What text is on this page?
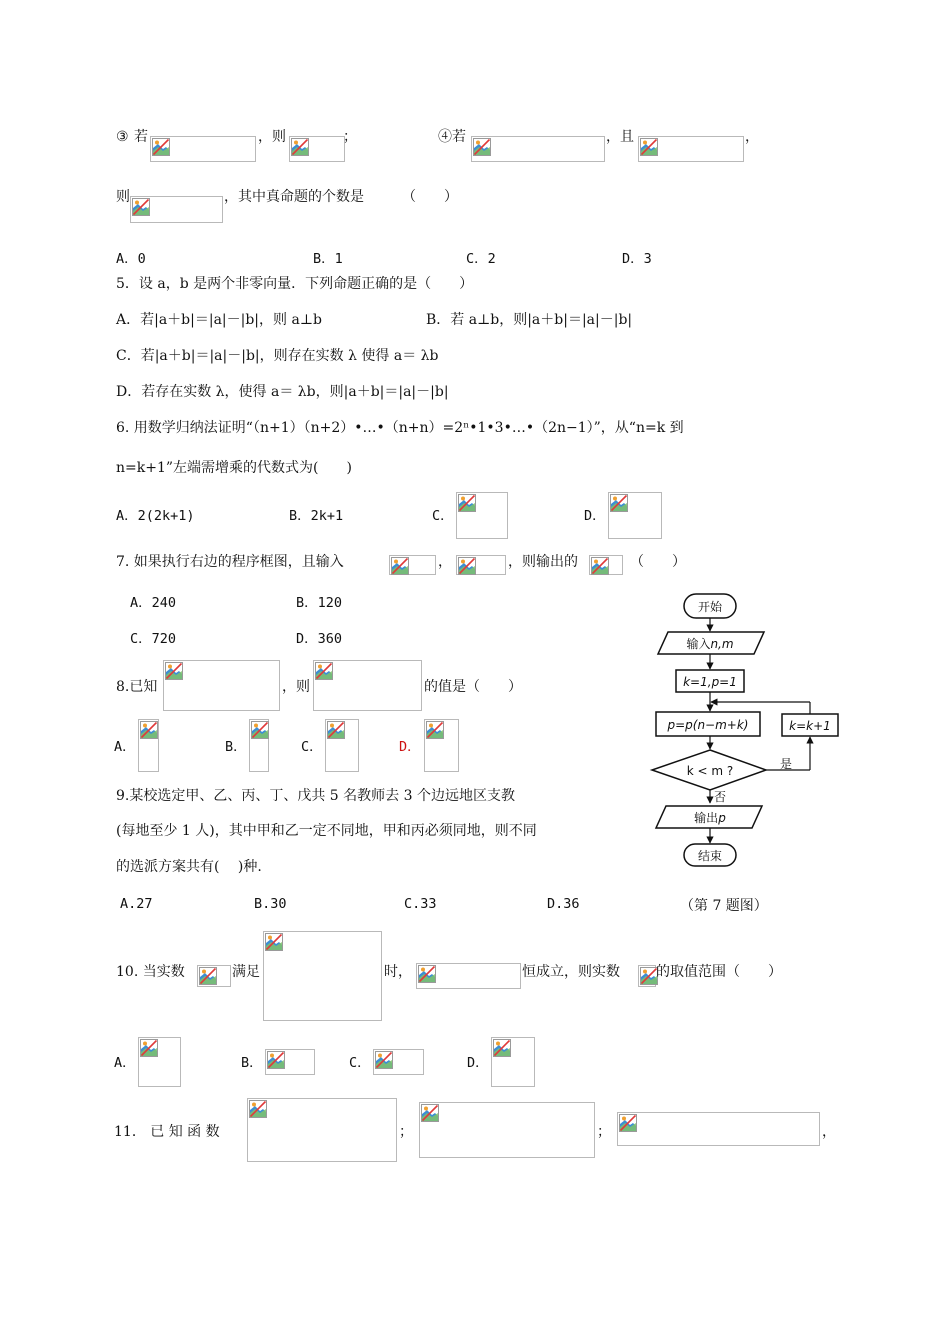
③ 若	，则	；	④若	，且	，
则	，其中真命题的个数是	（　　）
A．0	B．1	C．2	D．3
5．设 a，b 是两个非零向量．下列命题正确的是（　　）
A．若|a＋b|＝|a|－|b|，则 a⊥b	B．若 a⊥b，则|a＋b|＝|a|－|b|
C．若|a＋b|＝|a|－|b|，则存在实数 λ 使得 a＝ λb
D．若存在实数 λ，使得 a＝ λb，则|a＋b|＝|a|－|b|
6. 用数学归纳法证明“（n+1）（n+2）•…•（n+n）=2ⁿ•1•3•…•（2n−1）”，从“n=k 到
n=k+1”左端需增乘的代数式为(　　)
A．2(2k+1)	B．2k+1	C．	D．
7. 如果执行右边的程序框图，且输入	，	，则输出的	（　　）
A．240	B．120
C．720	D．360
8.已知	，则	的值是（　　）
A．	B．	C．	D．
9.某校选定甲、乙、丙、丁、戊共 5 名教师去 3 个边远地区支教
(每地至少 1 人)，其中甲和乙一定不同地，甲和丙必须同地，则不同
的选派方案共有(　 )种.
A.27	B.30	C.33	D.36
开始
输入n,m
k=1,p=1
p=p(n−m+k)
k < m ?	是
k=k+1
否
输出p
结束
（第 7 题图）
10. 当实数	满足	时，	恒成立，则实数	的取值范围（　　）
A．	B．	C．	D．
11． 已 知 函 数	；	；	，
